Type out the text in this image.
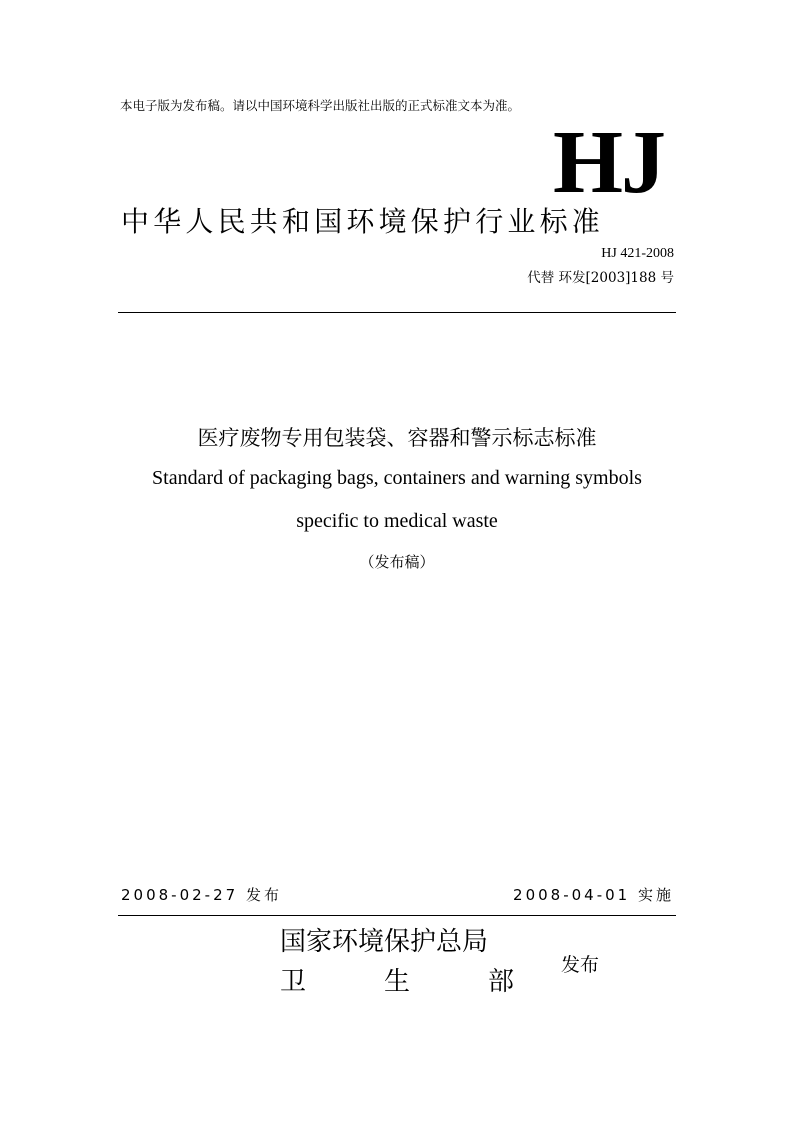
本电子版为发布稿。请以中国环境科学出版社出版的正式标准文本为准。
HJ
中华人民共和国环境保护行业标准
HJ 421-2008
代替 环发[2003]188 号
医疗废物专用包装袋、容器和警示标志标准
Standard of packaging bags, containers and warning symbols
specific to medical waste
（发布稿）
2008-02-27 发布	2008-04-01 实施
国家环境保护总局
卫	生	部
发布
